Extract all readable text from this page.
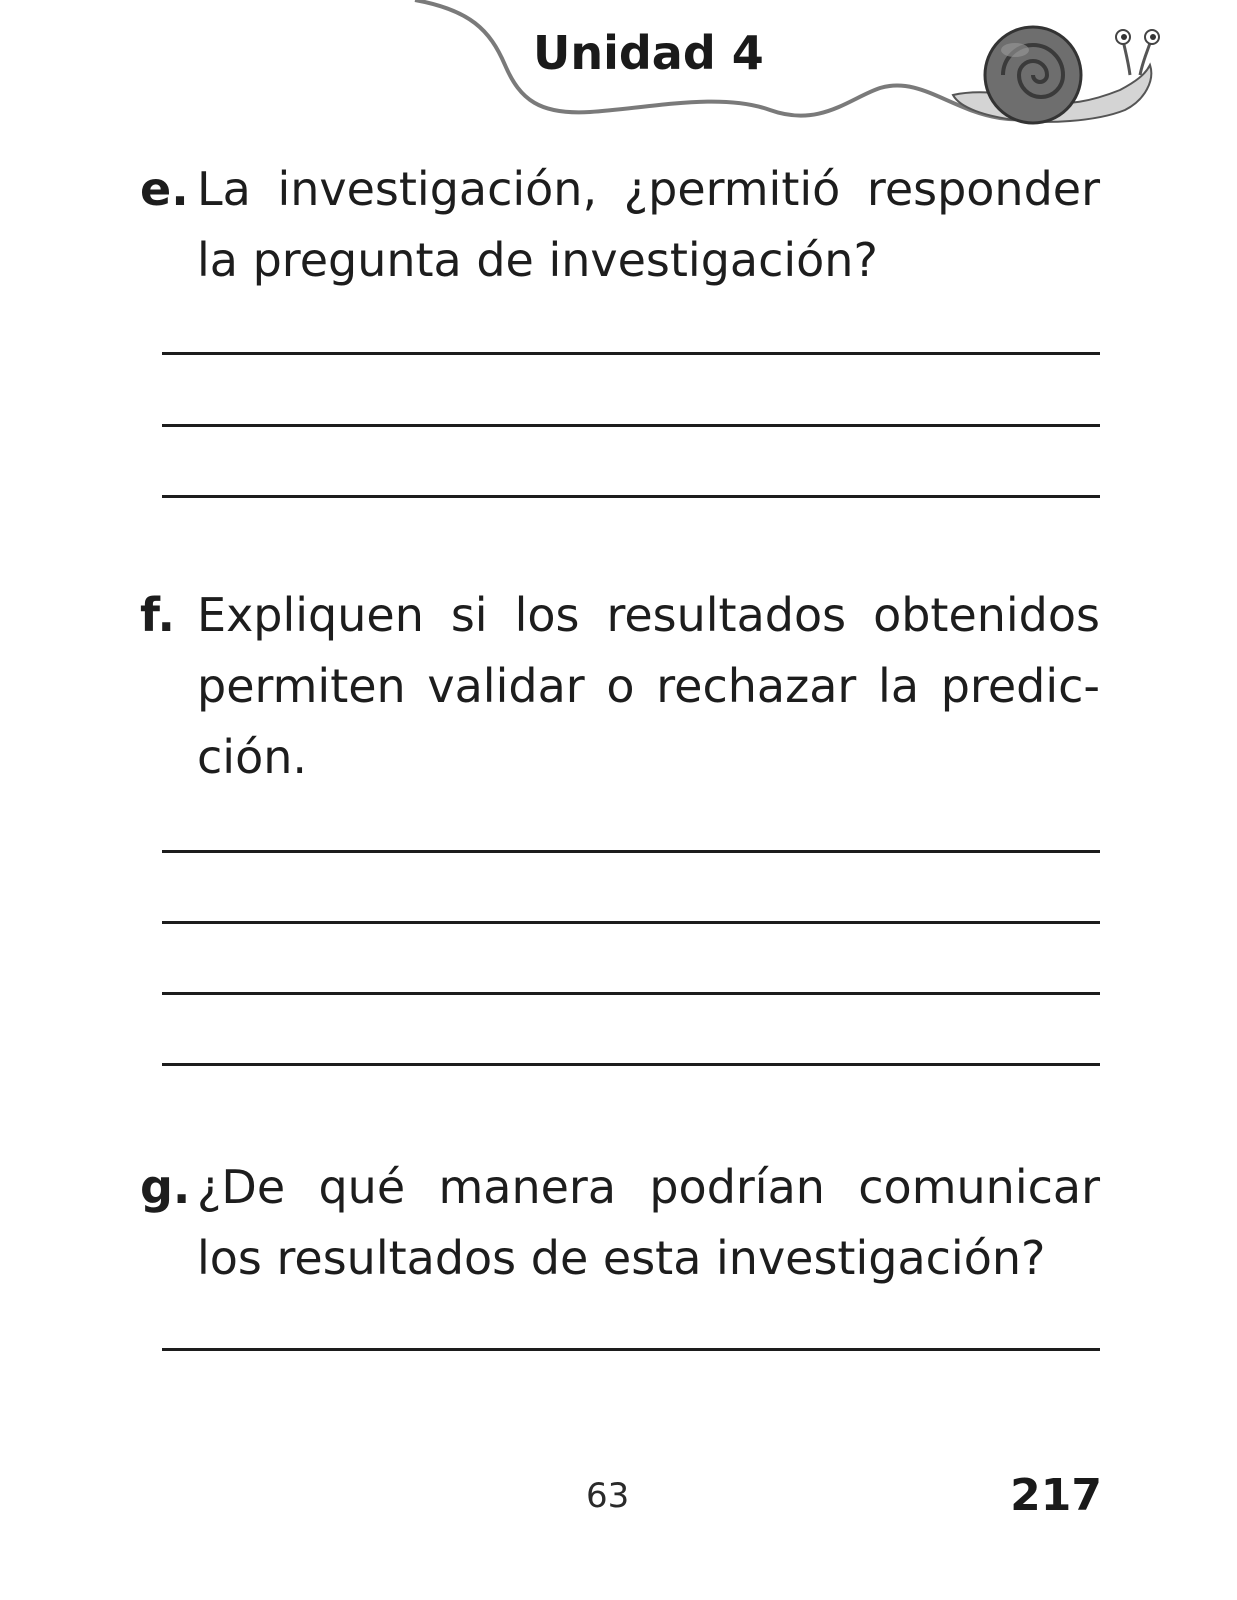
Unidad 4
e. La investigación, ¿permitió responder la pregunta de investigación?
f. Expliquen si los resultados obtenidos permiten validar o rechazar la predic-ción.
g. ¿De qué manera podrían comunicar los resultados de esta investigación?
63	217
